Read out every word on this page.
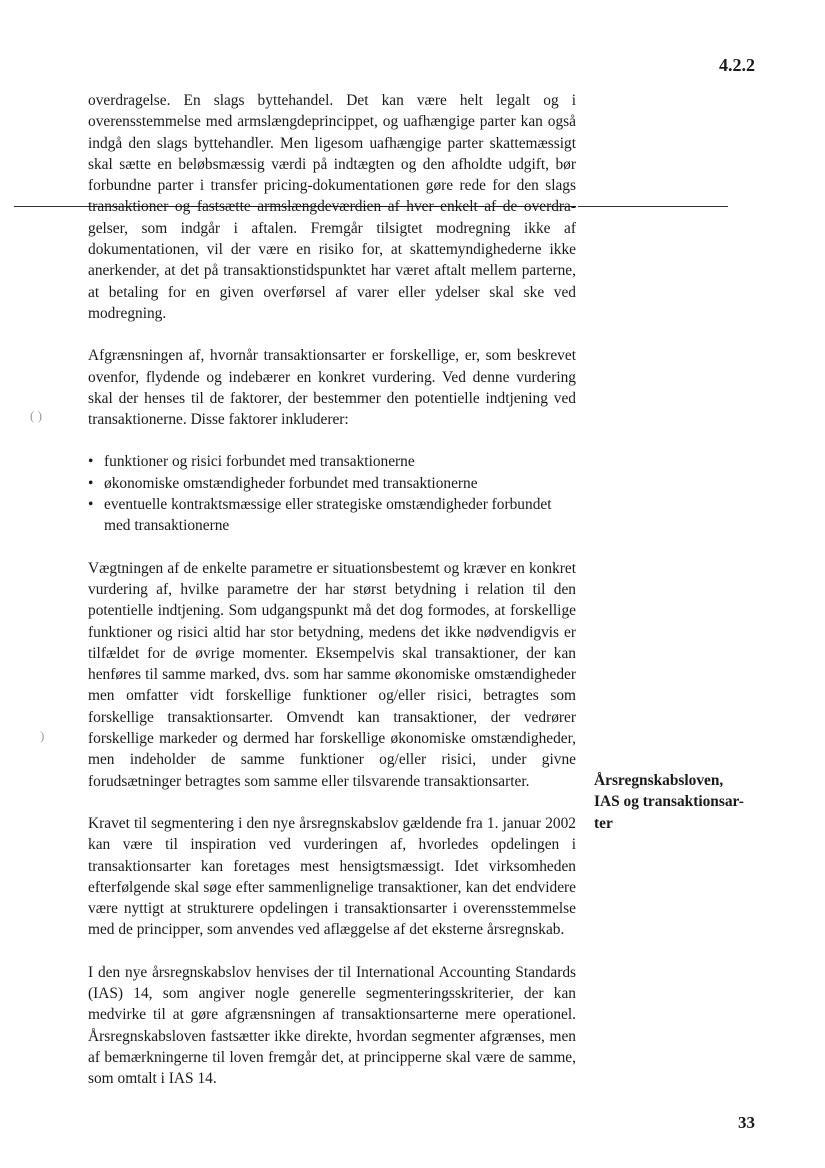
4.2.2

overdragelse. En slags byttehandel. Det kan være helt legalt og i overensstemmelse med armslængdeprincippet, og uafhængige parter kan også indgå den slags byttehandler. Men ligesom uafhængige parter skattemæssigt skal sætte en beløbsmæssig værdi på indtægten og den afholdte udgift, bør forbundne parter i transfer pricing-dokumentationen gøre rede for den slags transaktioner og fastsætte armslængdeværdien af hver enkelt af de overdra-gelser, som indgår i aftalen. Fremgår tilsigtet modregning ikke af dokumentationen, vil der være en risiko for, at skattemyndighederne ikke anerkender, at det på transaktionstidspunktet har været aftalt mellem parterne, at betaling for en given overførsel af varer eller ydelser skal ske ved modregning.

Afgrænsningen af, hvornår transaktionsarter er forskellige, er, som beskrevet ovenfor, flydende og indebærer en konkret vurdering. Ved denne vurdering skal der henses til de faktorer, der bestemmer den potentielle indtjening ved transaktionerne. Disse faktorer inkluderer:

• funktioner og risici forbundet med transaktionerne
• økonomiske omstændigheder forbundet med transaktionerne
• eventuelle kontraktsmæssige eller strategiske omstændigheder forbundet med transaktionerne

Vægtningen af de enkelte parametre er situationsbestemt og kræver en konkret vurdering af, hvilke parametre der har størst betydning i relation til den potentielle indtjening. Som udgangspunkt må det dog formodes, at forskellige funktioner og risici altid har stor betydning, medens det ikke nødvendigvis er tilfældet for de øvrige momenter. Eksempelvis skal transaktioner, der kan henføres til samme marked, dvs. som har samme økonomiske omstændigheder men omfatter vidt forskellige funktioner og/eller risici, betragtes som forskellige transaktionsarter. Omvendt kan transaktioner, der vedrører forskellige markeder og dermed har forskellige økonomiske omstændigheder, men indeholder de samme funktioner og/eller risici, under givne forudsætninger betragtes som samme eller tilsvarende transaktionsarter.

Kravet til segmentering i den nye årsregnskabslov gældende fra 1. januar 2002 kan være til inspiration ved vurderingen af, hvorledes opdelingen i transaktionsarter kan foretages mest hensigtsmæssigt. Idet virksomheden efterfølgende skal søge efter sammenlignelige transaktioner, kan det endvidere være nyttigt at strukturere opdelingen i transaktionsarter i overensstemmelse med de principper, som anvendes ved aflæggelse af det eksterne årsregnskab.

I den nye årsregnskabslov henvises der til International Accounting Standards (IAS) 14, som angiver nogle generelle segmenteringsskriterier, der kan medvirke til at gøre afgrænsningen af transaktionsarterne mere operationel. Årsregnskabsloven fastsætter ikke direkte, hvordan segmenter afgrænses, men af bemærkningerne til loven fremgår det, at principperne skal være de samme, som omtalt i IAS 14.

Årsregnskabsloven,
IAS og transaktionsar-
ter
( )
)
33
